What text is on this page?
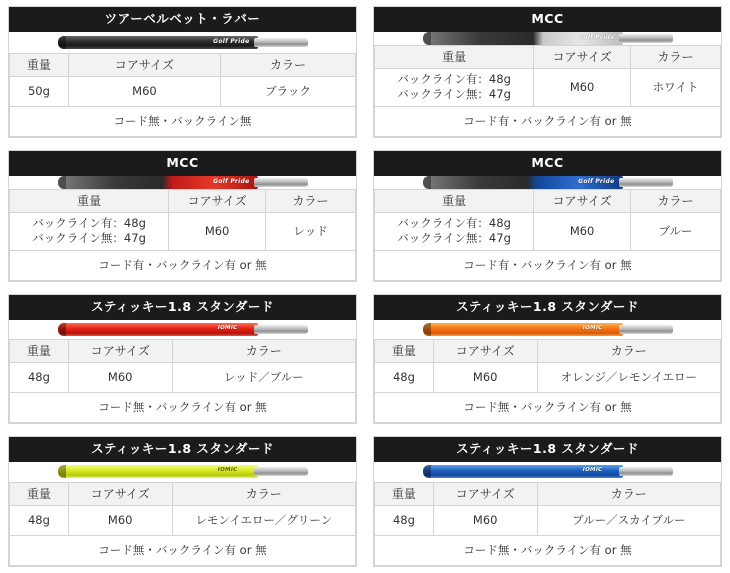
ツアーベルベット・ラバー
Golf Pride
重量	コアサイズ	カラー
50g	M60	ブラック
コード無・バックライン無		
MCC
Golf Pride
重量	コアサイズ	カラー
バックライン有：48g
バックライン無：47g	M60	ホワイト
コード有・バックライン有 or 無		
MCC
Golf Pride
重量	コアサイズ	カラー
バックライン有：48g
バックライン無：47g	M60	レッド
コード有・バックライン有 or 無		
MCC
Golf Pride
重量	コアサイズ	カラー
バックライン有：48g
バックライン無：47g	M60	ブルー
コード有・バックライン有 or 無		
スティッキー1.8 スタンダード
IOMIC
重量	コアサイズ	カラー
48g	M60	レッド／ブルー
コード無・バックライン有 or 無		
スティッキー1.8 スタンダード
IOMIC
重量	コアサイズ	カラー
48g	M60	オレンジ／レモンイエロー
コード無・バックライン有 or 無		
スティッキー1.8 スタンダード
IOMIC
重量	コアサイズ	カラー
48g	M60	レモンイエロー／グリーン
コード無・バックライン有 or 無		
スティッキー1.8 スタンダード
IOMIC
重量	コアサイズ	カラー
48g	M60	ブルー／スカイブルー
コード無・バックライン有 or 無		
